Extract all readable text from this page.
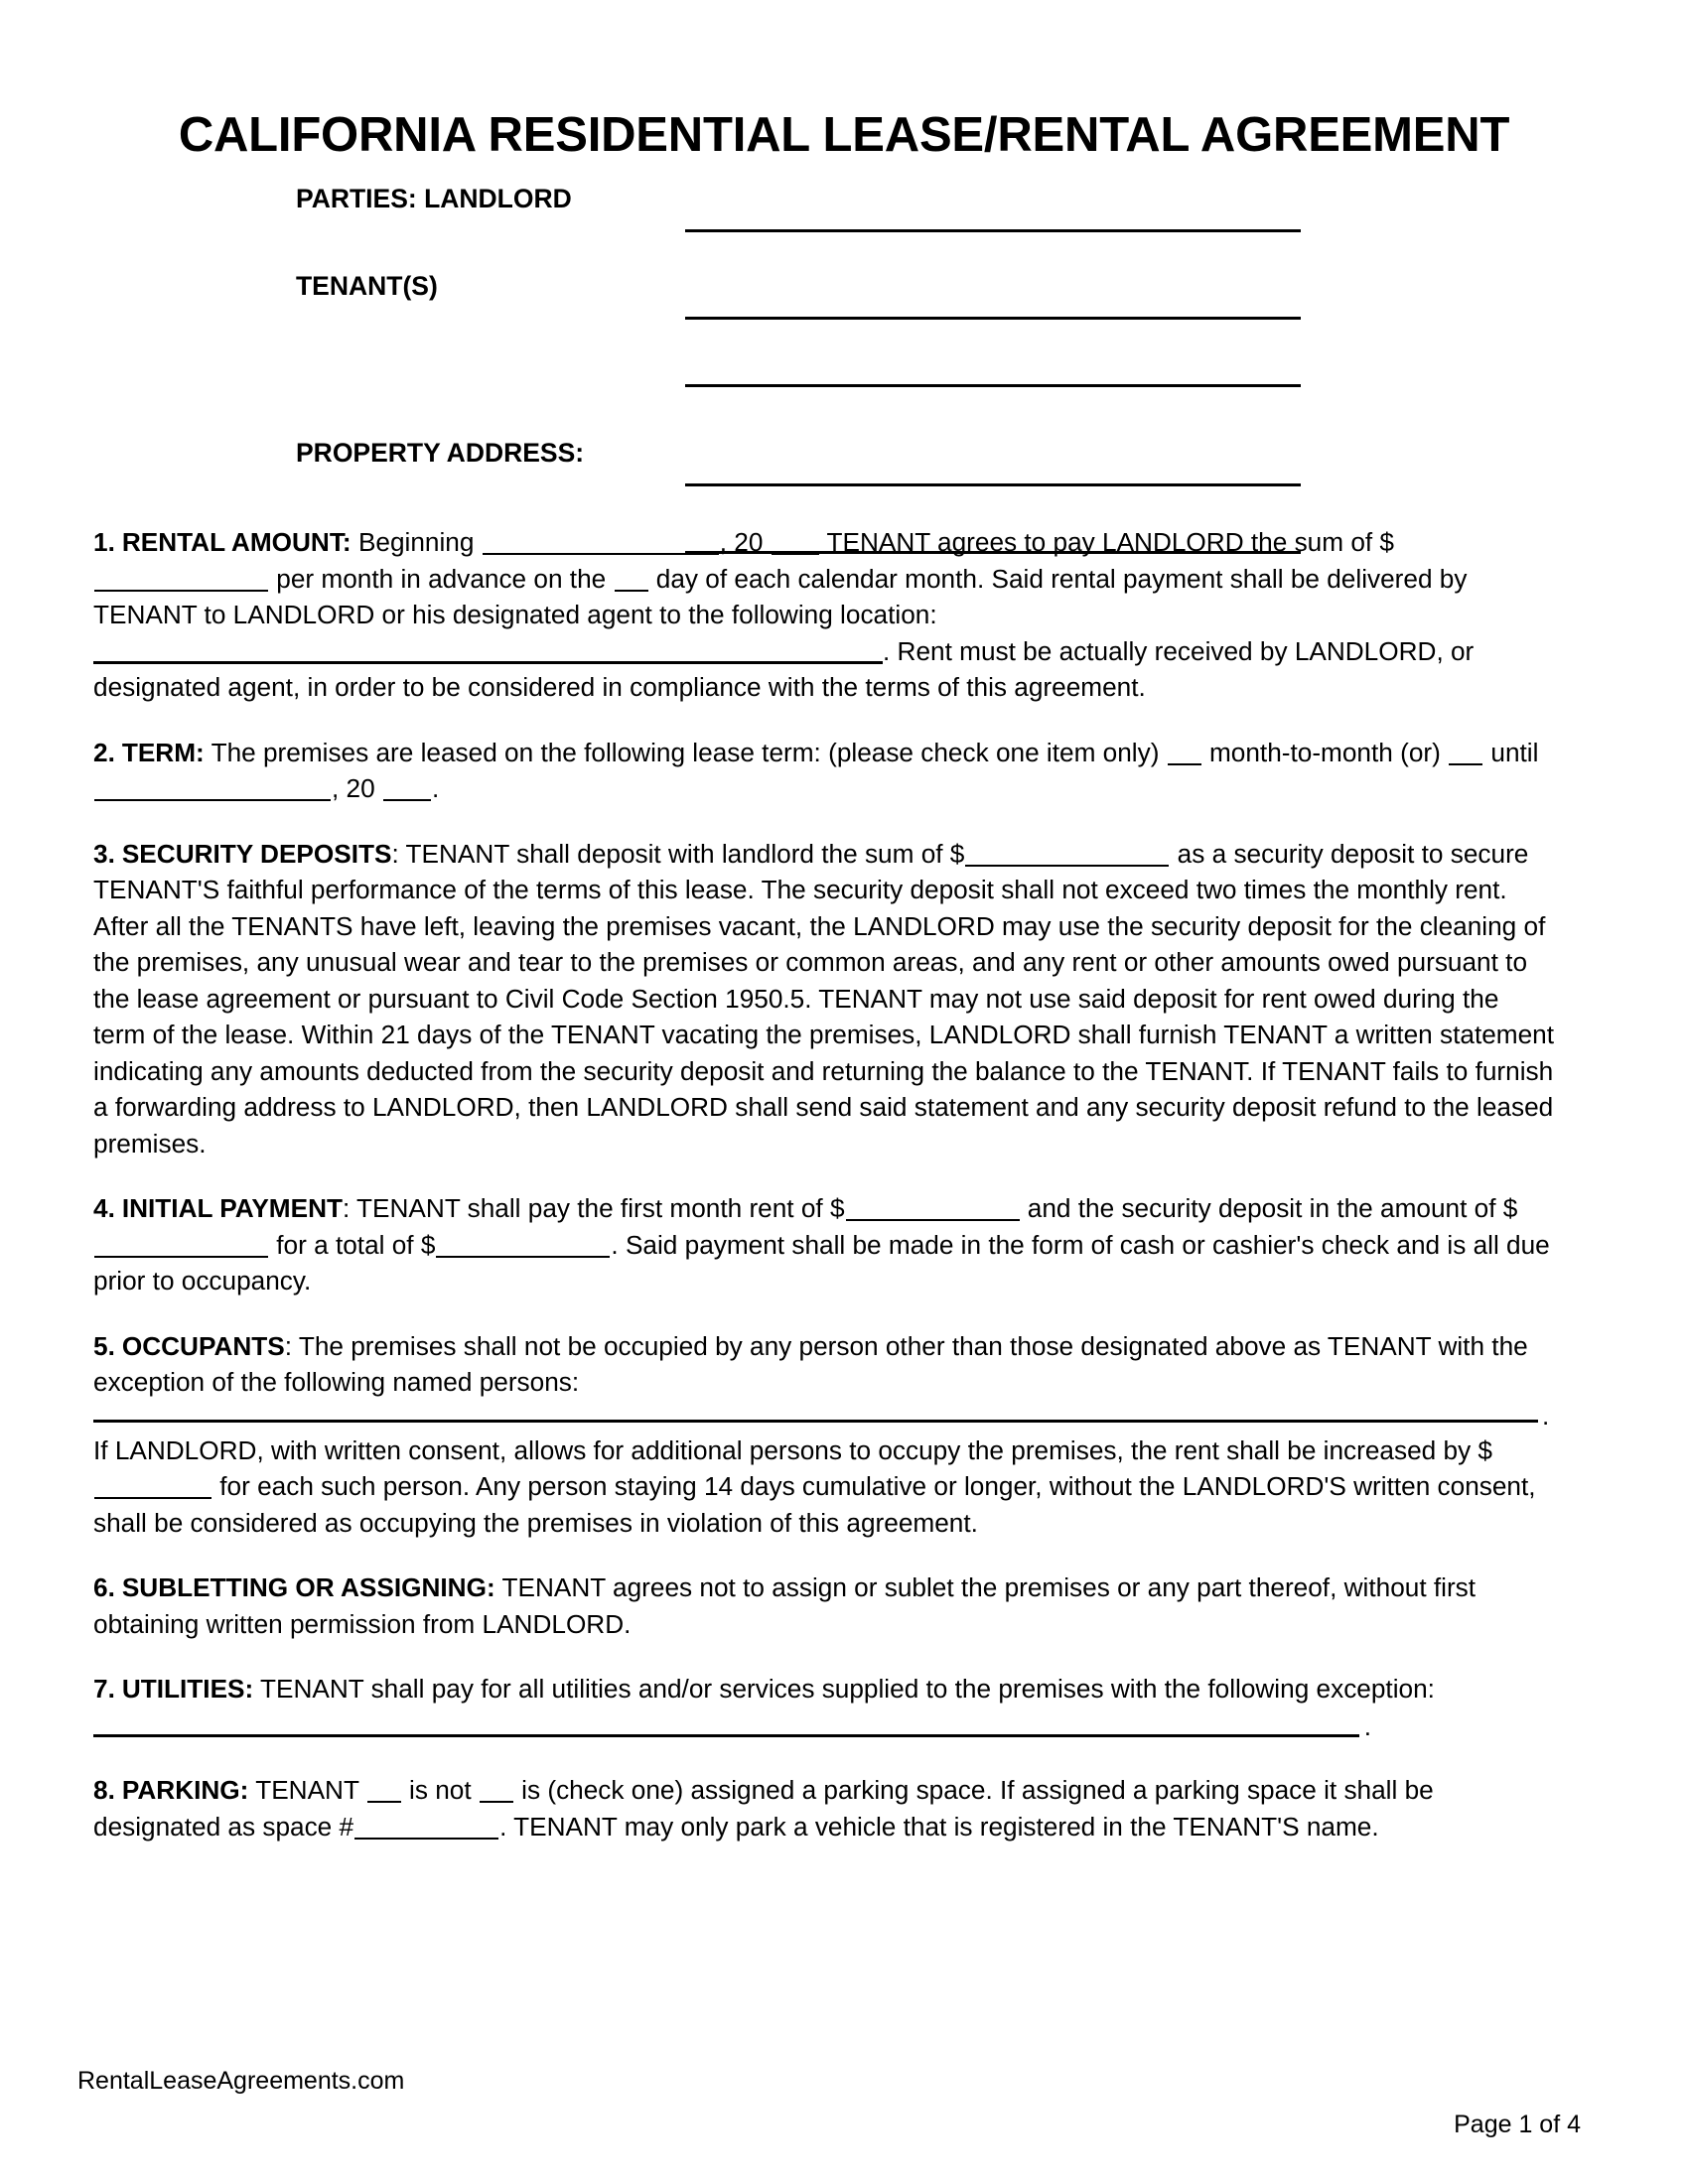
CALIFORNIA RESIDENTIAL LEASE/RENTAL AGREEMENT
PARTIES: LANDLORD
TENANT(S)
PROPERTY ADDRESS:

1. RENTAL AMOUNT: Beginning	, 20  TENANT agrees to pay LANDLORD the sum of $ per month in advance on the  day of each calendar month. Said rental payment shall be delivered by TENANT to LANDLORD or his designated agent to the following location:
. Rent must be actually received by LANDLORD, or designated agent, in order to be considered in compliance with the terms of this agreement.

2. TERM: The premises are leased on the following lease term: (please check one item only)  month-to-month (or)  until , 20 .

3. SECURITY DEPOSITS: TENANT shall deposit with landlord the sum of $	as a security deposit to secure TENANT'S faithful performance of the terms of this lease. The security deposit shall not exceed two times the monthly rent. After all the TENANTS have left, leaving the premises vacant, the LANDLORD may use the security deposit for the cleaning of the premises, any unusual wear and tear to the premises or common areas, and any rent or other amounts owed pursuant to the lease agreement or pursuant to Civil Code Section 1950.5. TENANT may not use said deposit for rent owed during the term of the lease. Within 21 days of the TENANT vacating the premises, LANDLORD shall furnish TENANT a written statement indicating any amounts deducted from the security deposit and returning the balance to the TENANT. If TENANT fails to furnish a forwarding address to LANDLORD, then LANDLORD shall send said statement and any security deposit refund to the leased premises.

4. INITIAL PAYMENT: TENANT shall pay the first month rent of $	and the security deposit in the amount of $ for a total of $	. Said payment shall be made in the form of cash or cashier's check and is all due prior to occupancy.

5. OCCUPANTS: The premises shall not be occupied by any person other than those designated above as TENANT with the exception of the following named persons:

.

If LANDLORD, with written consent, allows for additional persons to occupy the premises, the rent shall be increased by $  for each such person. Any person staying 14 days cumulative or longer, without the LANDLORD'S written consent, shall be considered as occupying the premises in violation of this agreement.

6. SUBLETTING OR ASSIGNING: TENANT agrees not to assign or sublet the premises or any part thereof, without first obtaining written permission from LANDLORD.

7. UTILITIES: TENANT shall pay for all utilities and/or services supplied to the premises with the following exception:
.

8. PARKING: TENANT  is not  is (check one) assigned a parking space. If assigned a parking space it shall be designated as space #	. TENANT may only park a vehicle that is registered in the TENANT'S name.

RentalLeaseAgreements.com
Page 1 of 4
